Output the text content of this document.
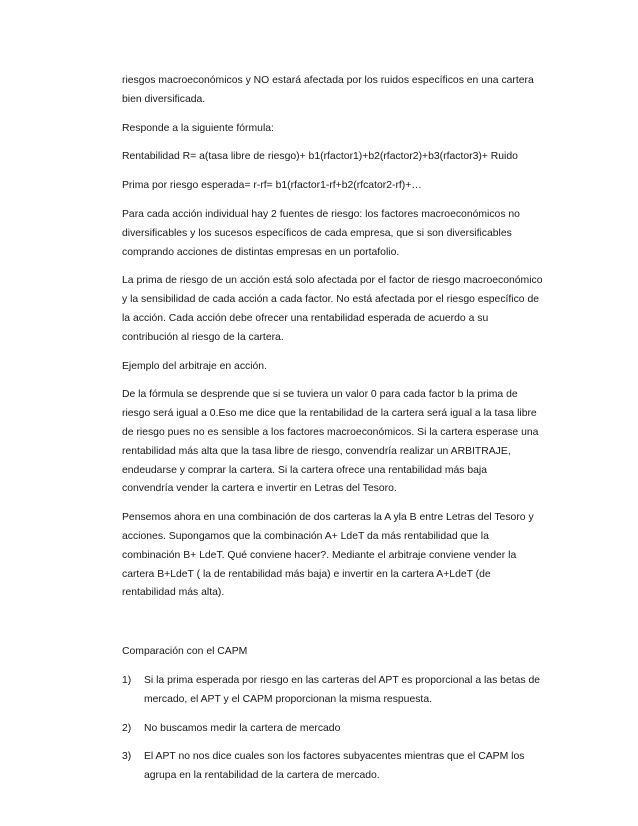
riesgos macroeconómicos y NO estará afectada por los ruidos específicos en una cartera
bien diversificada.

Responde a la siguiente fórmula:

Rentabilidad R= a(tasa libre de riesgo)+ b1(rfactor1)+b2(rfactor2)+b3(rfactor3)+ Ruido

Prima por riesgo esperada= r-rf= b1(rfactor1-rf+b2(rfcator2-rf)+…

Para cada acción individual hay 2 fuentes de riesgo: los factores macroeconómicos no
diversificables y los sucesos específicos de cada empresa, que si son diversificables
comprando acciones de distintas empresas en un portafolio.

La prima de riesgo de un acción está solo afectada por el factor de riesgo macroeconómico
y la sensibilidad de cada acción a cada factor. No está afectada por el riesgo específico de
la acción. Cada acción debe ofrecer una rentabilidad esperada de acuerdo a su
contribución al riesgo de la cartera.

Ejemplo del arbitraje en acción.

De la fórmula se desprende que si se tuviera un valor 0 para cada factor b la prima de
riesgo será igual a 0.Eso me dice que la rentabilidad de la cartera será igual a la tasa libre
de riesgo pues no es sensible a los factores macroeconómicos. Si la cartera esperase una
rentabilidad más alta que la tasa libre de riesgo, convendría realizar un ARBITRAJE,
endeudarse y comprar la cartera. Si la cartera ofrece una rentabilidad más baja
convendría vender la cartera e invertir en Letras del Tesoro.

Pensemos ahora en una combinación de dos carteras la A yla B entre Letras del Tesoro y
acciones. Supongamos que la combinación A+ LdeT da más rentabilidad que la
combinación B+ LdeT. Qué conviene hacer?. Mediante el arbitraje conviene vender la
cartera B+LdeT ( la de rentabilidad más baja) e invertir en la cartera A+LdeT (de
rentabilidad más alta).

Comparación con el CAPM

1) Si la prima esperada por riesgo en las carteras del APT es proporcional a las betas de
mercado, el APT y el CAPM proporcionan la misma respuesta.

2) No buscamos medir la cartera de mercado

3) El APT no nos dice cuales son los factores subyacentes mientras que el CAPM los
agrupa en la rentabilidad de la cartera de mercado.
